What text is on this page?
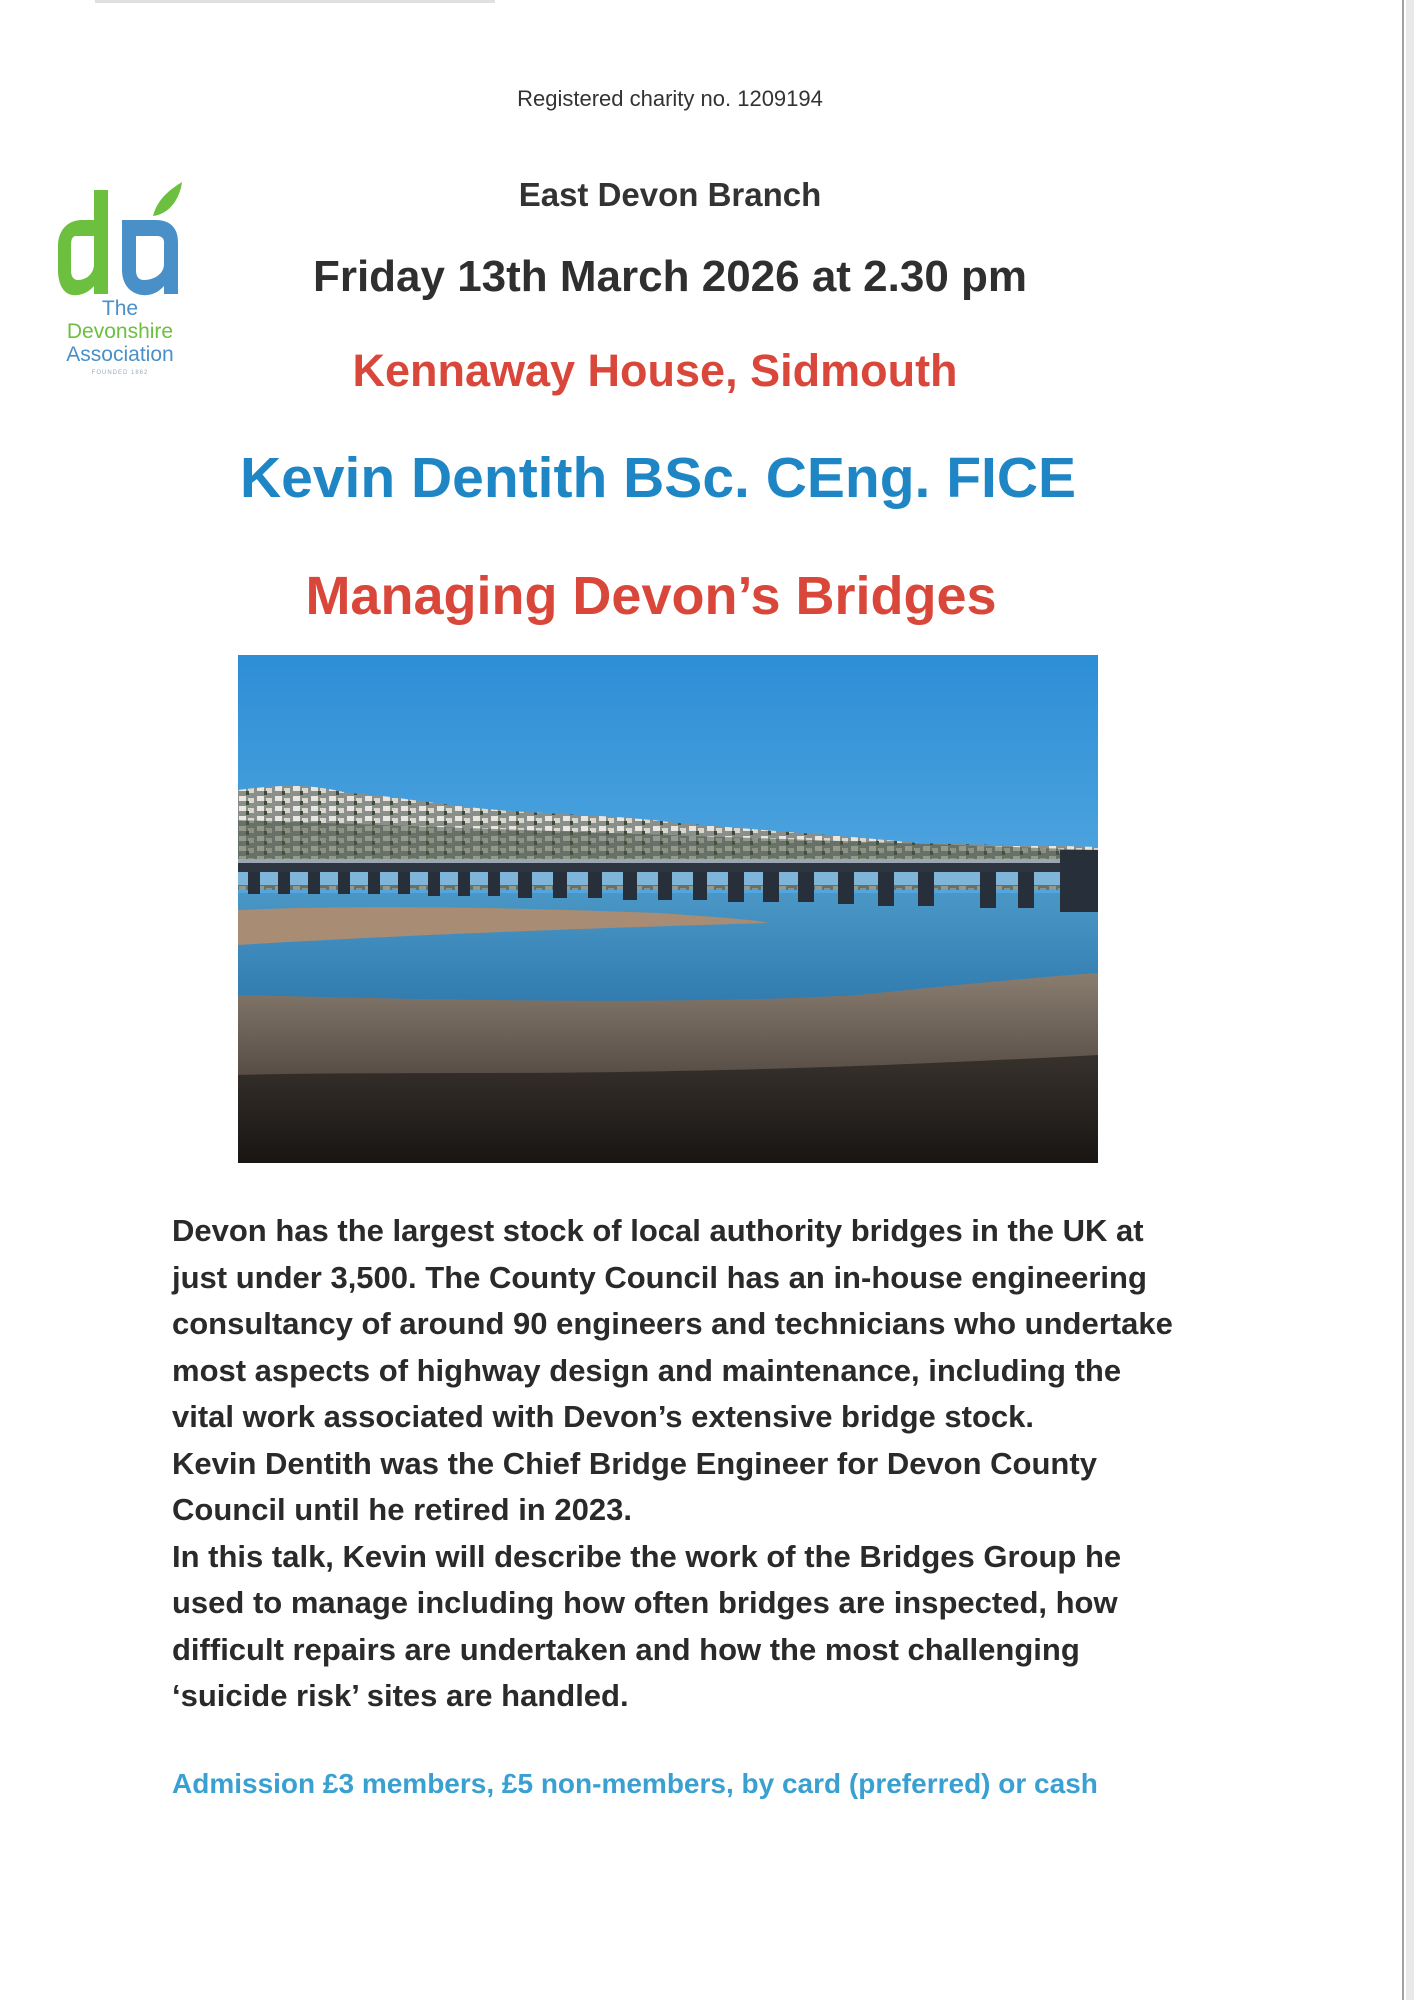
Registered charity no. 1209194
The
Devonshire
Association
FOUNDED 1862
East Devon Branch
Friday 13th March 2026 at 2.30 pm
Kennaway House, Sidmouth
Kevin Dentith BSc. CEng. FICE
Managing Devon’s Bridges

Devon has the largest stock of local authority bridges in the UK at

just under 3,500. The County Council has an in-house engineering

consultancy of around 90 engineers and technicians who undertake

most aspects of highway design and maintenance, including the

vital work associated with Devon’s extensive bridge stock.

Kevin Dentith was the Chief Bridge Engineer for Devon County

Council until he retired in 2023.

In this talk, Kevin will describe the work of the Bridges Group he

used to manage including how often bridges are inspected, how

difficult repairs are undertaken and how the most challenging

‘suicide risk’ sites are handled.

Admission £3 members, £5 non-members, by card (preferred) or cash
